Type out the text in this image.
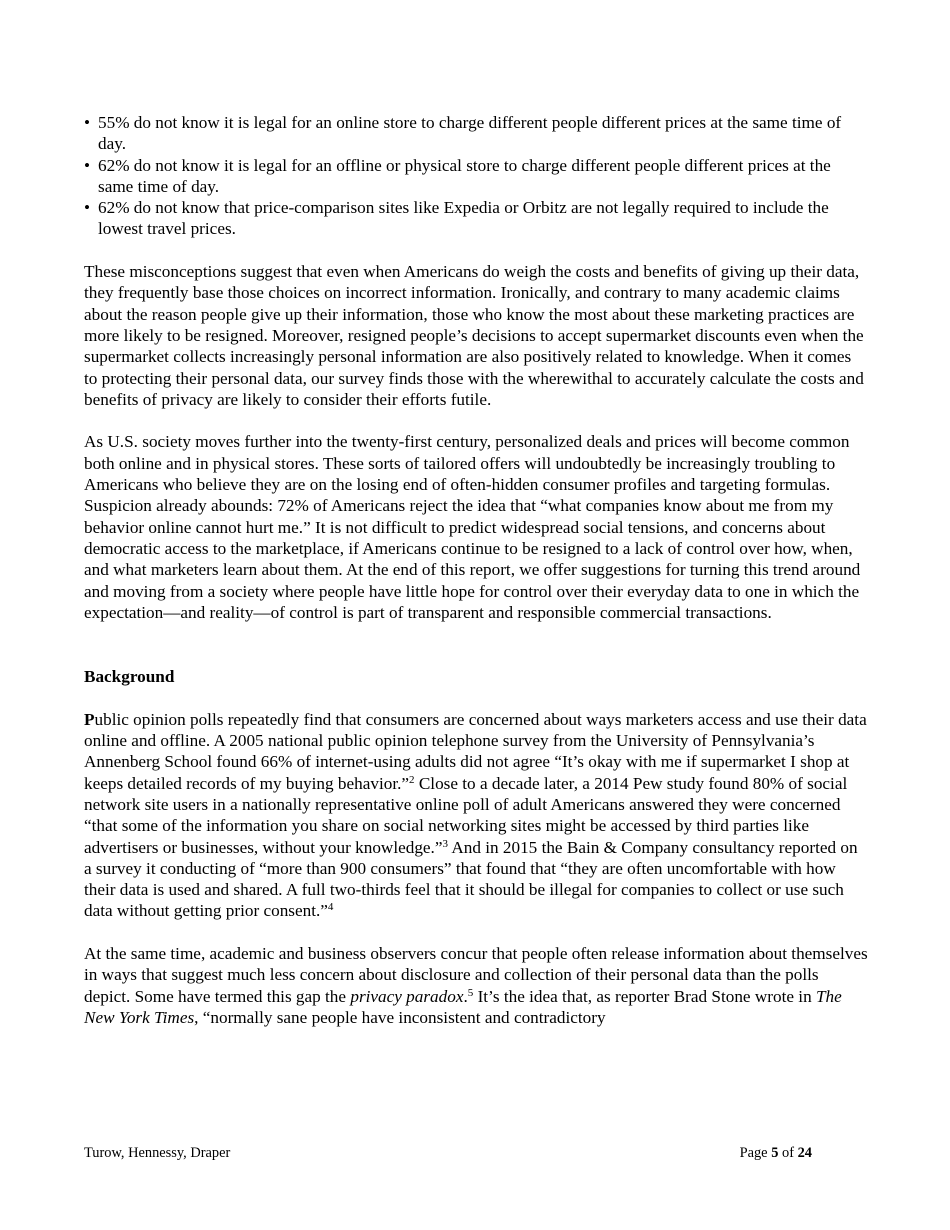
• 55% do not know it is legal for an online store to charge different people different prices at the same time of day.
• 62% do not know it is legal for an offline or physical store to charge different people different prices at the same time of day.
• 62% do not know that price-comparison sites like Expedia or Orbitz are not legally required to include the lowest travel prices.

These misconceptions suggest that even when Americans do weigh the costs and benefits of giving up their data, they frequently base those choices on incorrect information. Ironically, and contrary to many academic claims about the reason people give up their information, those who know the most about these marketing practices are more likely to be resigned. Moreover, resigned people’s decisions to accept supermarket discounts even when the supermarket collects increasingly personal information are also positively related to knowledge. When it comes to protecting their personal data, our survey finds those with the wherewithal to accurately calculate the costs and benefits of privacy are likely to consider their efforts futile.

As U.S. society moves further into the twenty-first century, personalized deals and prices will become common both online and in physical stores. These sorts of tailored offers will undoubtedly be increasingly troubling to Americans who believe they are on the losing end of often-hidden consumer profiles and targeting formulas. Suspicion already abounds: 72% of Americans reject the idea that “what companies know about me from my behavior online cannot hurt me.” It is not difficult to predict widespread social tensions, and concerns about democratic access to the marketplace, if Americans continue to be resigned to a lack of control over how, when, and what marketers learn about them. At the end of this report, we offer suggestions for turning this trend around and moving from a society where people have little hope for control over their everyday data to one in which the expectation—and reality—of control is part of transparent and responsible commercial transactions.

Background

Public opinion polls repeatedly find that consumers are concerned about ways marketers access and use their data online and offline. A 2005 national public opinion telephone survey from the University of Pennsylvania’s Annenberg School found 66% of internet-using adults did not agree “It’s okay with me if supermarket I shop at keeps detailed records of my buying behavior.”$^2$ Close to a decade later, a 2014 Pew study found 80% of social network site users in a nationally representative online poll of adult Americans answered they were concerned “that some of the information you share on social networking sites might be accessed by third parties like advertisers or businesses, without your knowledge.”$^3$ And in 2015 the Bain & Company consultancy reported on a survey it conducting of “more than 900 consumers” that found that “they are often uncomfortable with how their data is used and shared. A full two-thirds feel that it should be illegal for companies to collect or use such data without getting prior consent.”$^4$

At the same time, academic and business observers concur that people often release information about themselves in ways that suggest much less concern about disclosure and collection of their personal data than the polls depict. Some have termed this gap the privacy paradox.$^5$ It’s the idea that, as reporter Brad Stone wrote in The New York Times, “normally sane people have inconsistent and contradictory

Turow, Hennessy, Draper	Page 5 of 24
